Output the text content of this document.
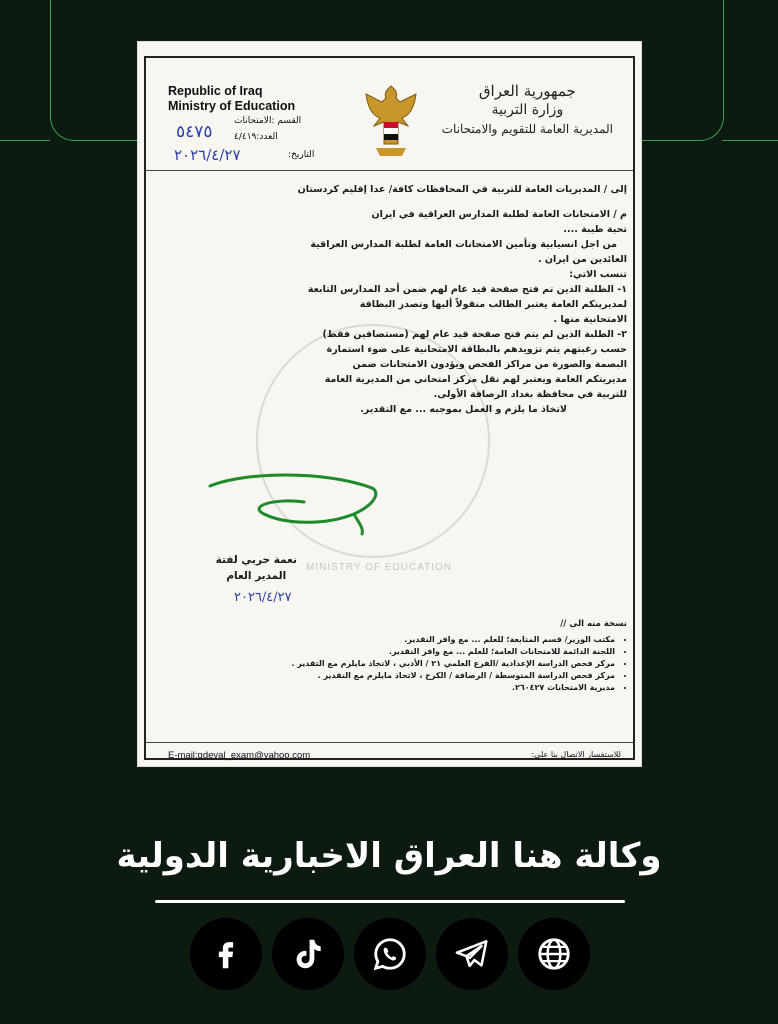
Republic of Iraq
Ministry of Education
القسم :الامتحانات
العدد:٤/٤١٩
٥٤٧٥
التاريخ:
٢٠٢٦/٤/٢٧
جمهورية العراق
وزارة التربية
المديرية العامة للتقويم والامتحانات
MINISTRY OF EDUCATION

إلى / المديريات العامة للتربية في المحافظات كافة/ عدا إقليم كردستان

م / الامتحانات العامة لطلبة المدارس العراقية في ايران

تحية طيبة ....

من اجل انسيابية وتأمين الامتحانات العامة لطلبة المدارس العراقية

العائدين من ايران .

تنسب الاتي:

١- الطلبة الذين تم فتح صفحة قيد عام لهم ضمن أحد المدارس التابعة

لمديريتكم العامة يعتبر الطالب منقولاً أليها وتصدر البطاقة

الامتحانية منها .

٢- الطلبة الذين لم يتم فتح صفحة قيد عام لهم (مستضافين فقط)

حسب رغبتهم يتم تزويدهم بالبطاقة الامتحانية على ضوء استمارة

البصمة والصورة من مراكز الفحص ويؤدون الامتحانات ضمن

مديريتكم العامة ويعتبر لهم نقل مركز امتحاني من المديرية العامة

للتربية في محافظة بغداد الرصافة الأولى.

لاتخاذ ما يلزم و العمل بموجبه ... مع التقدير.

نعمة حربي لفتة
المدير العام
٢٠٢٦/٤/٢٧
نسخة منه الى //
• مكتب الوزير/ قسم المتابعة؛ للعلم ... مع وافر التقدير.
• اللجنة الدائمة للامتحانات العامة؛ للعلم ... مع وافر التقدير.
• مركز فحص الدراسة الإعدادية /الفرع العلمي ٢١ / الأدبي ، لاتخاذ مايلزم مع التقدير .
• مركز فحص الدراسة المتوسطة / الرصافة / الكرخ ، لاتخاذ مايلزم مع التقدير .
• مديرية الامتحانات ٢٦٠٤٢٧.
E-mail:gdeval_exam@yahoo.com	للاستفسار الاتصال بنا على:
وكالة هنا العراق الاخبارية الدولية
